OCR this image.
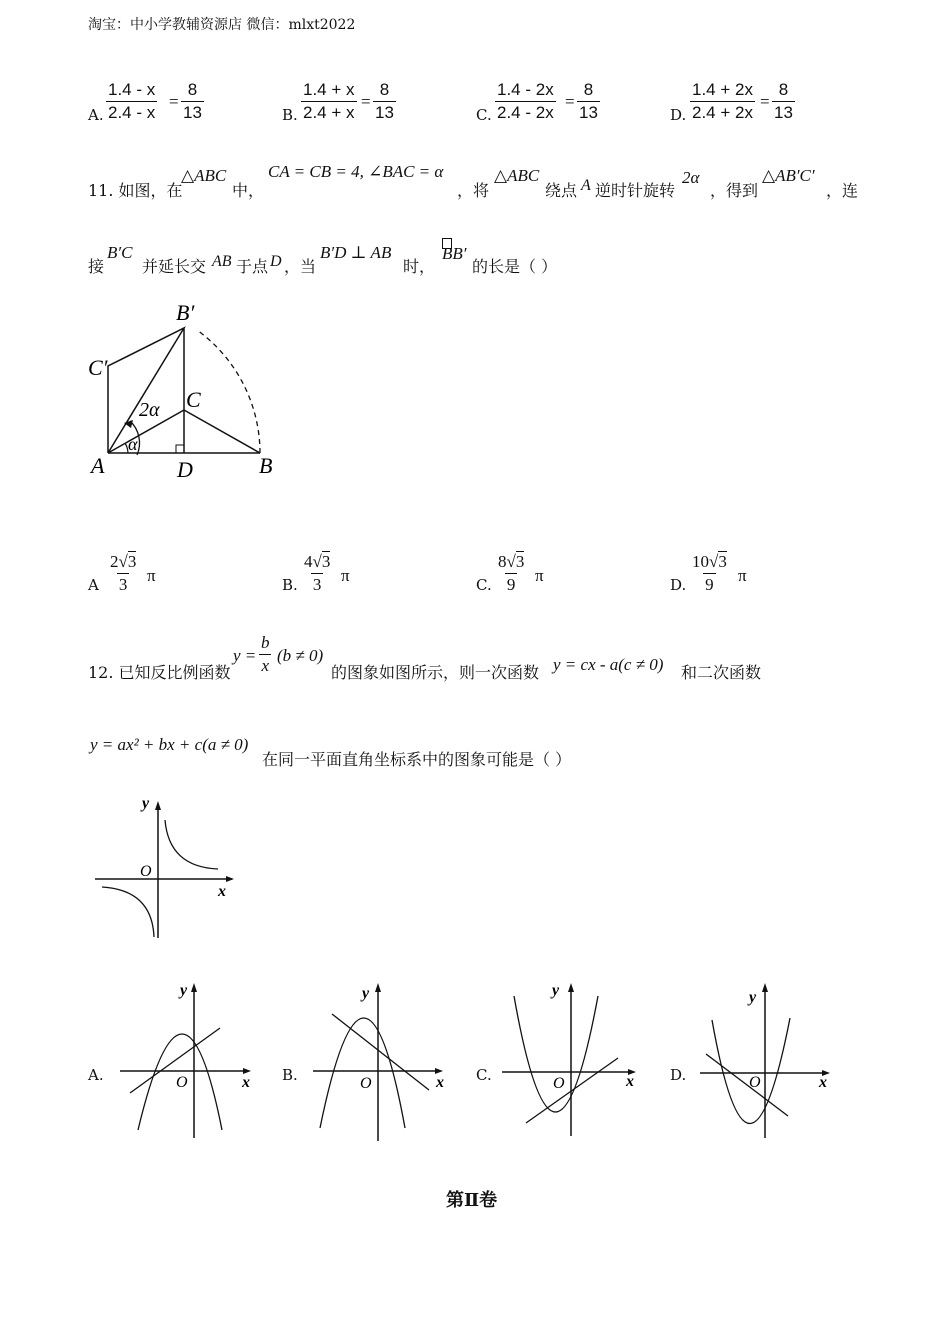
淘宝：中小学教辅资源店 微信：mlxt2022
A. $\frac{1.4 - x}{2.4 - x} = \frac{8}{13}$	B. $\frac{1.4 + x}{2.4 + x} = \frac{8}{13}$	C. $\frac{1.4 - 2x}{2.4 - 2x} = \frac{8}{13}$	D. $\frac{1.4 + 2x}{2.4 + 2x} = \frac{8}{13}$
11. 如图，在
△ABC
中，
CA = CB = 4, ∠BAC = α
，将
△ABC
绕点 A 逆时针旋转
2α
，得到
△AB′C′
，连
接
B′C
并延长交 AB 于点 D ，当
B′D ⊥ AB
时，
BB′
的长是（ ）
B′
C′
C
A	D	B
2α
α
A $\frac{2√3}{3}$ π	B. $\frac{4√3}{3}$ π	C. $\frac{8√3}{9}$ π	D. $\frac{10√3}{9}$ π
12. 已知反比例函数
$y = \frac{b}{x} (b \ne 0)$
的图象如图所示，则一次函数 y = cx - a(c ≠ 0) 和二次函数
y = ax² + bx + c(a ≠ 0)
在同一平面直角坐标系中的图象可能是（ ）
y
x
O
A.
y
x
O	B.
y
x
O	C.
y
x
O	D.
y
x
O
第Ⅱ卷
